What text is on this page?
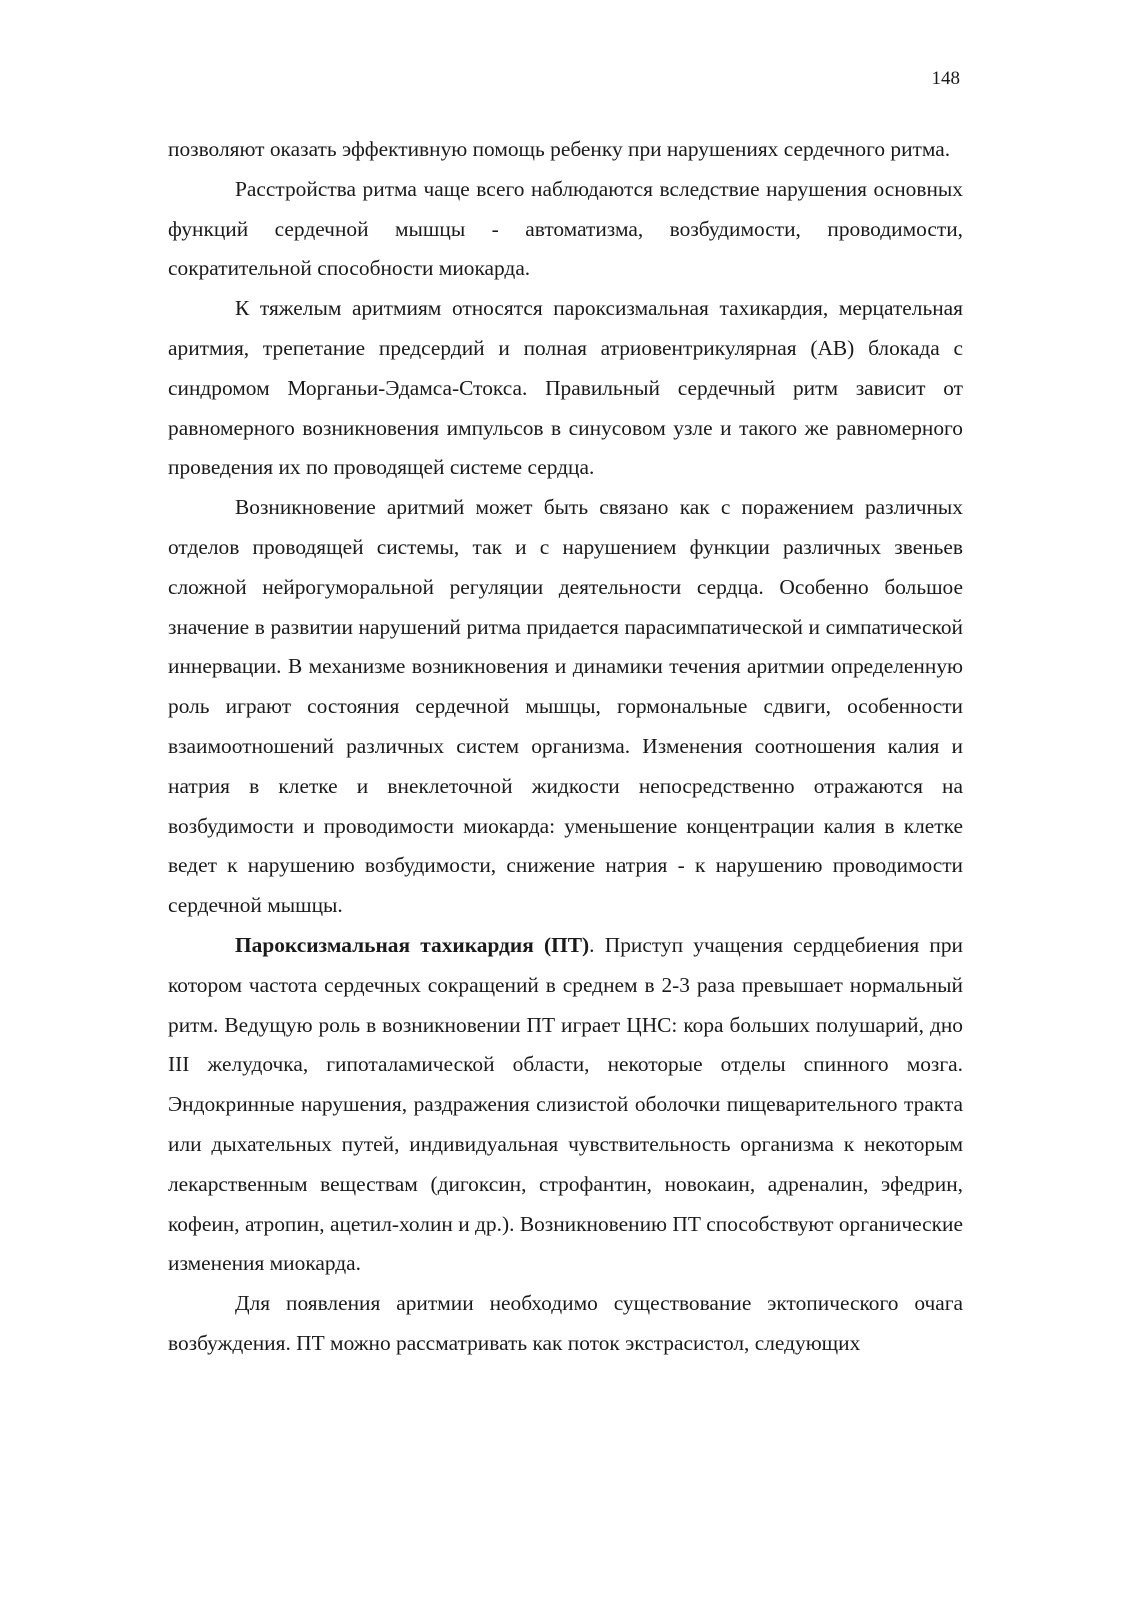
148

позволяют оказать эффективную помощь ребенку при нарушениях сердечного ритма.

Расстройства ритма чаще всего наблюдаются вследствие нарушения основных функций сердечной мышцы - автоматизма, возбудимости, проводимости, сократительной способности миокарда.

К тяжелым аритмиям относятся пароксизмальная тахикардия, мерцательная аритмия, трепетание предсердий и полная атриовентрикулярная (АВ) блокада с синдромом Морганьи-Эдамса-Стокса. Правильный сердечный ритм зависит от равномерного возникновения импульсов в синусовом узле и такого же равномерного проведения их по проводящей системе сердца.

Возникновение аритмий может быть связано как с поражением различных отделов проводящей системы, так и с нарушением функции различных звеньев сложной нейрогуморальной регуляции деятельности сердца. Особенно большое значение в развитии нарушений ритма придается парасимпатической и симпатической иннервации. В механизме возникновения и динамики течения аритмии определенную роль играют состояния сердечной мышцы, гормональные сдвиги, особенности взаимоотношений различных систем организма. Изменения соотношения калия и натрия в клетке и внеклеточной жидкости непосредственно отражаются на возбудимости и проводимости миокарда: уменьшение концентрации калия в клетке ведет к нарушению возбудимости, снижение натрия - к нарушению проводимости сердечной мышцы.

Пароксизмальная тахикардия (ПТ). Приступ учащения сердцебиения при котором частота сердечных сокращений в среднем в 2-3 раза превышает нормальный ритм. Ведущую роль в возникновении ПТ играет ЦНС: кора больших полушарий, дно III желудочка, гипоталамической области, некоторые отделы спинного мозга. Эндокринные нарушения, раздражения слизистой оболочки пищеварительного тракта или дыхательных путей, индивидуальная чувствительность организма к некоторым лекарственным веществам (дигоксин, строфантин, новокаин, адреналин, эфедрин, кофеин, атропин, ацетил-холин и др.). Возникновению ПТ способствуют органические изменения миокарда.

Для появления аритмии необходимо существование эктопического очага возбуждения. ПТ можно рассматривать как поток экстрасистол, следующих
